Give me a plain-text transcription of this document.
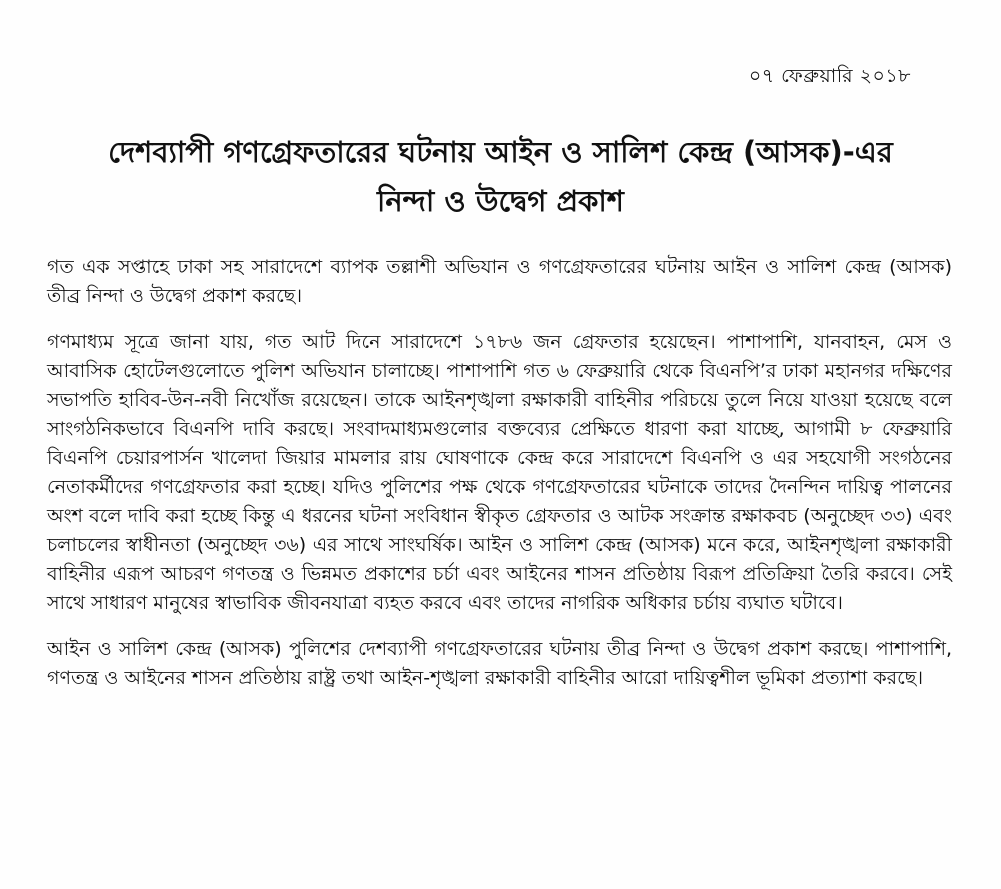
০৭ ফেব্রুয়ারি ২০১৮
দেশব্যাপী গণগ্রেফতারের ঘটনায় আইন ও সালিশ কেন্দ্র (আসক)-এর
নিন্দা ও উদ্বেগ প্রকাশ

গত এক সপ্তাহে ঢাকা সহ সারাদেশে ব্যাপক তল্লাশী অভিযান ও গণগ্রেফতারের ঘটনায় আইন ও সালিশ কেন্দ্র (আসক) তীব্র নিন্দা ও উদ্বেগ প্রকাশ করছে।

গণমাধ্যম সূত্রে জানা যায়, গত আট দিনে সারাদেশে ১৭৮৬ জন গ্রেফতার হয়েছেন। পাশাপাশি, যানবাহন, মেস ও আবাসিক হোটেলগুলোতে পুলিশ অভিযান চালাচ্ছে। পাশাপাশি গত ৬ ফেব্রুয়ারি থেকে বিএনপি’র ঢাকা মহানগর দক্ষিণের সভাপতি হাবিব-উন-নবী নিখোঁজ রয়েছেন। তাকে আইনশৃঙ্খলা রক্ষাকারী বাহিনীর পরিচয়ে তুলে নিয়ে যাওয়া হয়েছে বলে সাংগঠনিকভাবে বিএনপি দাবি করছে। সংবাদমাধ্যমগুলোর বক্তব্যের প্রেক্ষিতে ধারণা করা যাচ্ছে, আগামী ৮ ফেব্রুয়ারি বিএনপি চেয়ারপার্সন খালেদা জিয়ার মামলার রায় ঘোষণাকে কেন্দ্র করে সারাদেশে বিএনপি ও এর সহযোগী সংগঠনের নেতাকর্মীদের গণগ্রেফতার করা হচ্ছে। যদিও পুলিশের পক্ষ থেকে গণগ্রেফতারের ঘটনাকে তাদের দৈনন্দিন দায়িত্ব পালনের অংশ বলে দাবি করা হচ্ছে কিন্তু এ ধরনের ঘটনা সংবিধান স্বীকৃত গ্রেফতার ও আটক সংক্রান্ত রক্ষাকবচ (অনুচ্ছেদ ৩৩) এবং চলাচলের স্বাধীনতা (অনুচ্ছেদ ৩৬) এর সাথে সাংঘর্ষিক। আইন ও সালিশ কেন্দ্র (আসক) মনে করে, আইনশৃঙ্খলা রক্ষাকারী বাহিনীর এরূপ আচরণ গণতন্ত্র ও ভিন্নমত প্রকাশের চর্চা এবং আইনের শাসন প্রতিষ্ঠায় বিরূপ প্রতিক্রিয়া তৈরি করবে। সেই সাথে সাধারণ মানুষের স্বাভাবিক জীবনযাত্রা ব্যহত করবে এবং তাদের নাগরিক অধিকার চর্চায় ব্যঘাত ঘটাবে।

আইন ও সালিশ কেন্দ্র (আসক) পুলিশের দেশব্যাপী গণগ্রেফতারের ঘটনায় তীব্র নিন্দা ও উদ্বেগ প্রকাশ করছে। পাশাপাশি, গণতন্ত্র ও আইনের শাসন প্রতিষ্ঠায় রাষ্ট্র তথা আইন-শৃঙ্খলা রক্ষাকারী বাহিনীর আরো দায়িত্বশীল ভূমিকা প্রত্যাশা করছে।
